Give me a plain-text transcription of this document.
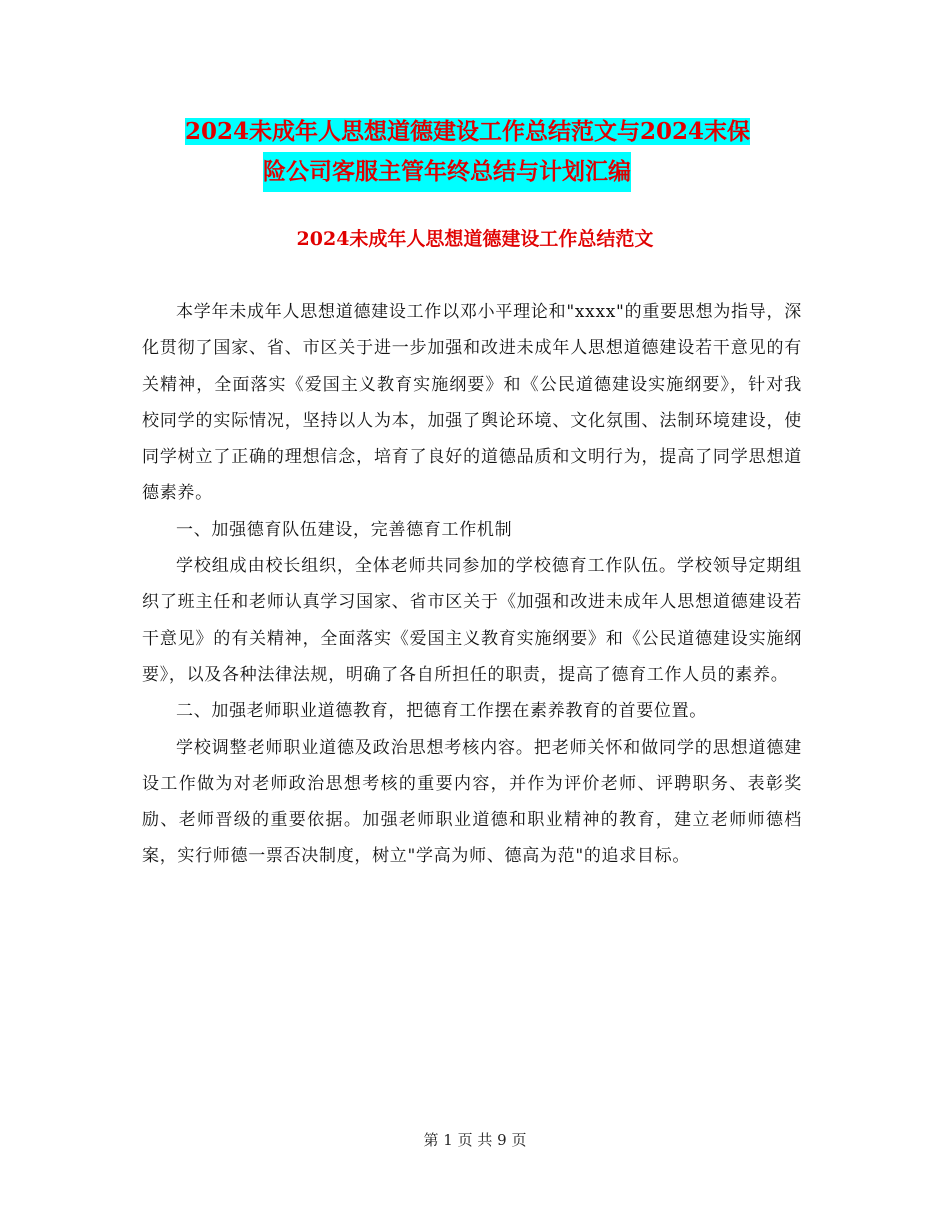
2024未成年人思想道德建设工作总结范文与2024末保
险公司客服主管年终总结与计划汇编
2024未成年人思想道德建设工作总结范文

本学年未成年人思想道德建设工作以邓小平理论和"xxxx"的重要思想为指导，深化贯彻了国家、省、市区关于进一步加强和改进未成年人思想道德建设若干意见的有关精神，全面落实《爱国主义教育实施纲要》和《公民道德建设实施纲要》，针对我校同学的实际情况，坚持以人为本，加强了舆论环境、文化氛围、法制环境建设，使同学树立了正确的理想信念，培育了良好的道德品质和文明行为，提高了同学思想道德素养。

一、加强德育队伍建设，完善德育工作机制

学校组成由校长组织，全体老师共同参加的学校德育工作队伍。学校领导定期组织了班主任和老师认真学习国家、省市区关于《加强和改进未成年人思想道德建设若干意见》的有关精神，全面落实《爱国主义教育实施纲要》和《公民道德建设实施纲要》，以及各种法律法规，明确了各自所担任的职责，提高了德育工作人员的素养。

二、加强老师职业道德教育，把德育工作摆在素养教育的首要位置。

学校调整老师职业道德及政治思想考核内容。把老师关怀和做同学的思想道德建设工作做为对老师政治思想考核的重要内容，并作为评价老师、评聘职务、表彰奖励、老师晋级的重要依据。加强老师职业道德和职业精神的教育，建立老师师德档案，实行师德一票否决制度，树立"学高为师、德高为范"的追求目标。

第 1 页 共 9 页
